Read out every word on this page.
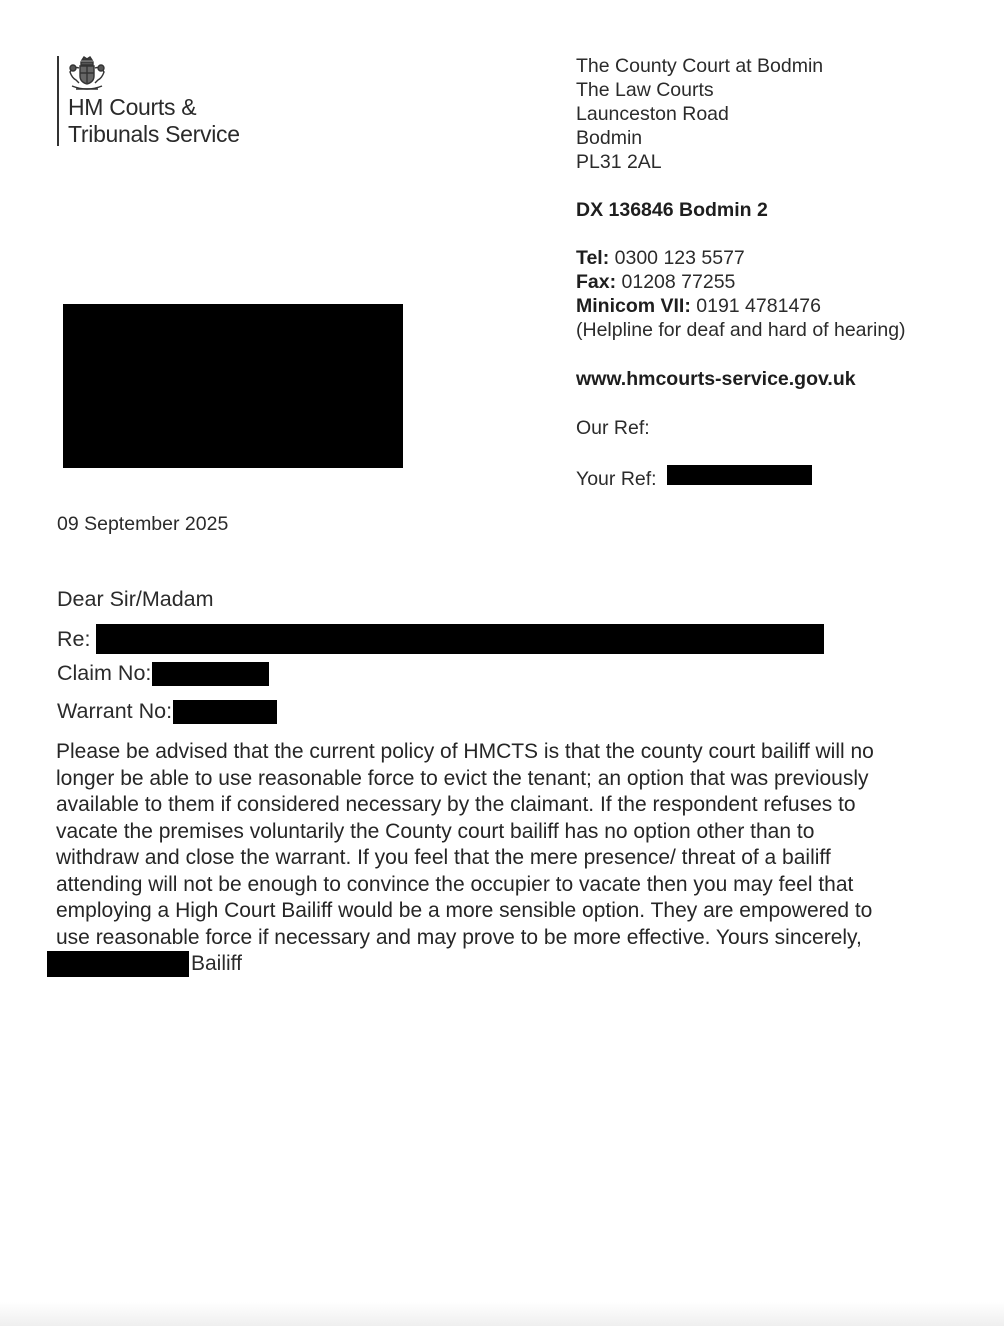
HM Courts &
Tribunals Service
The County Court at Bodmin
The Law Courts
Launceston Road
Bodmin
PL31 2AL
DX 136846 Bodmin 2
Tel: 0300 123 5577
Fax: 01208 77255
Minicom VII: 0191 4781476
(Helpline for deaf and hard of hearing)
www.hmcourts-service.gov.uk
Our Ref:
Your Ref:
09 September 2025
Dear Sir/Madam
Re:
Claim No:
Warrant No:
Please be advised that the current policy of HMCTS is that the county court bailiff will no
longer be able to use reasonable force to evict the tenant; an option that was previously
available to them if considered necessary by the claimant. If the respondent refuses to
vacate the premises voluntarily the County court bailiff has no option other than to
withdraw and close the warrant. If you feel that the mere presence/ threat of a bailiff
attending will not be enough to convince the occupier to vacate then you may feel that
employing a High Court Bailiff would be a more sensible option. They are empowered to
use reasonable force if necessary and may prove to be more effective. Yours sincerely,
Bailiff
